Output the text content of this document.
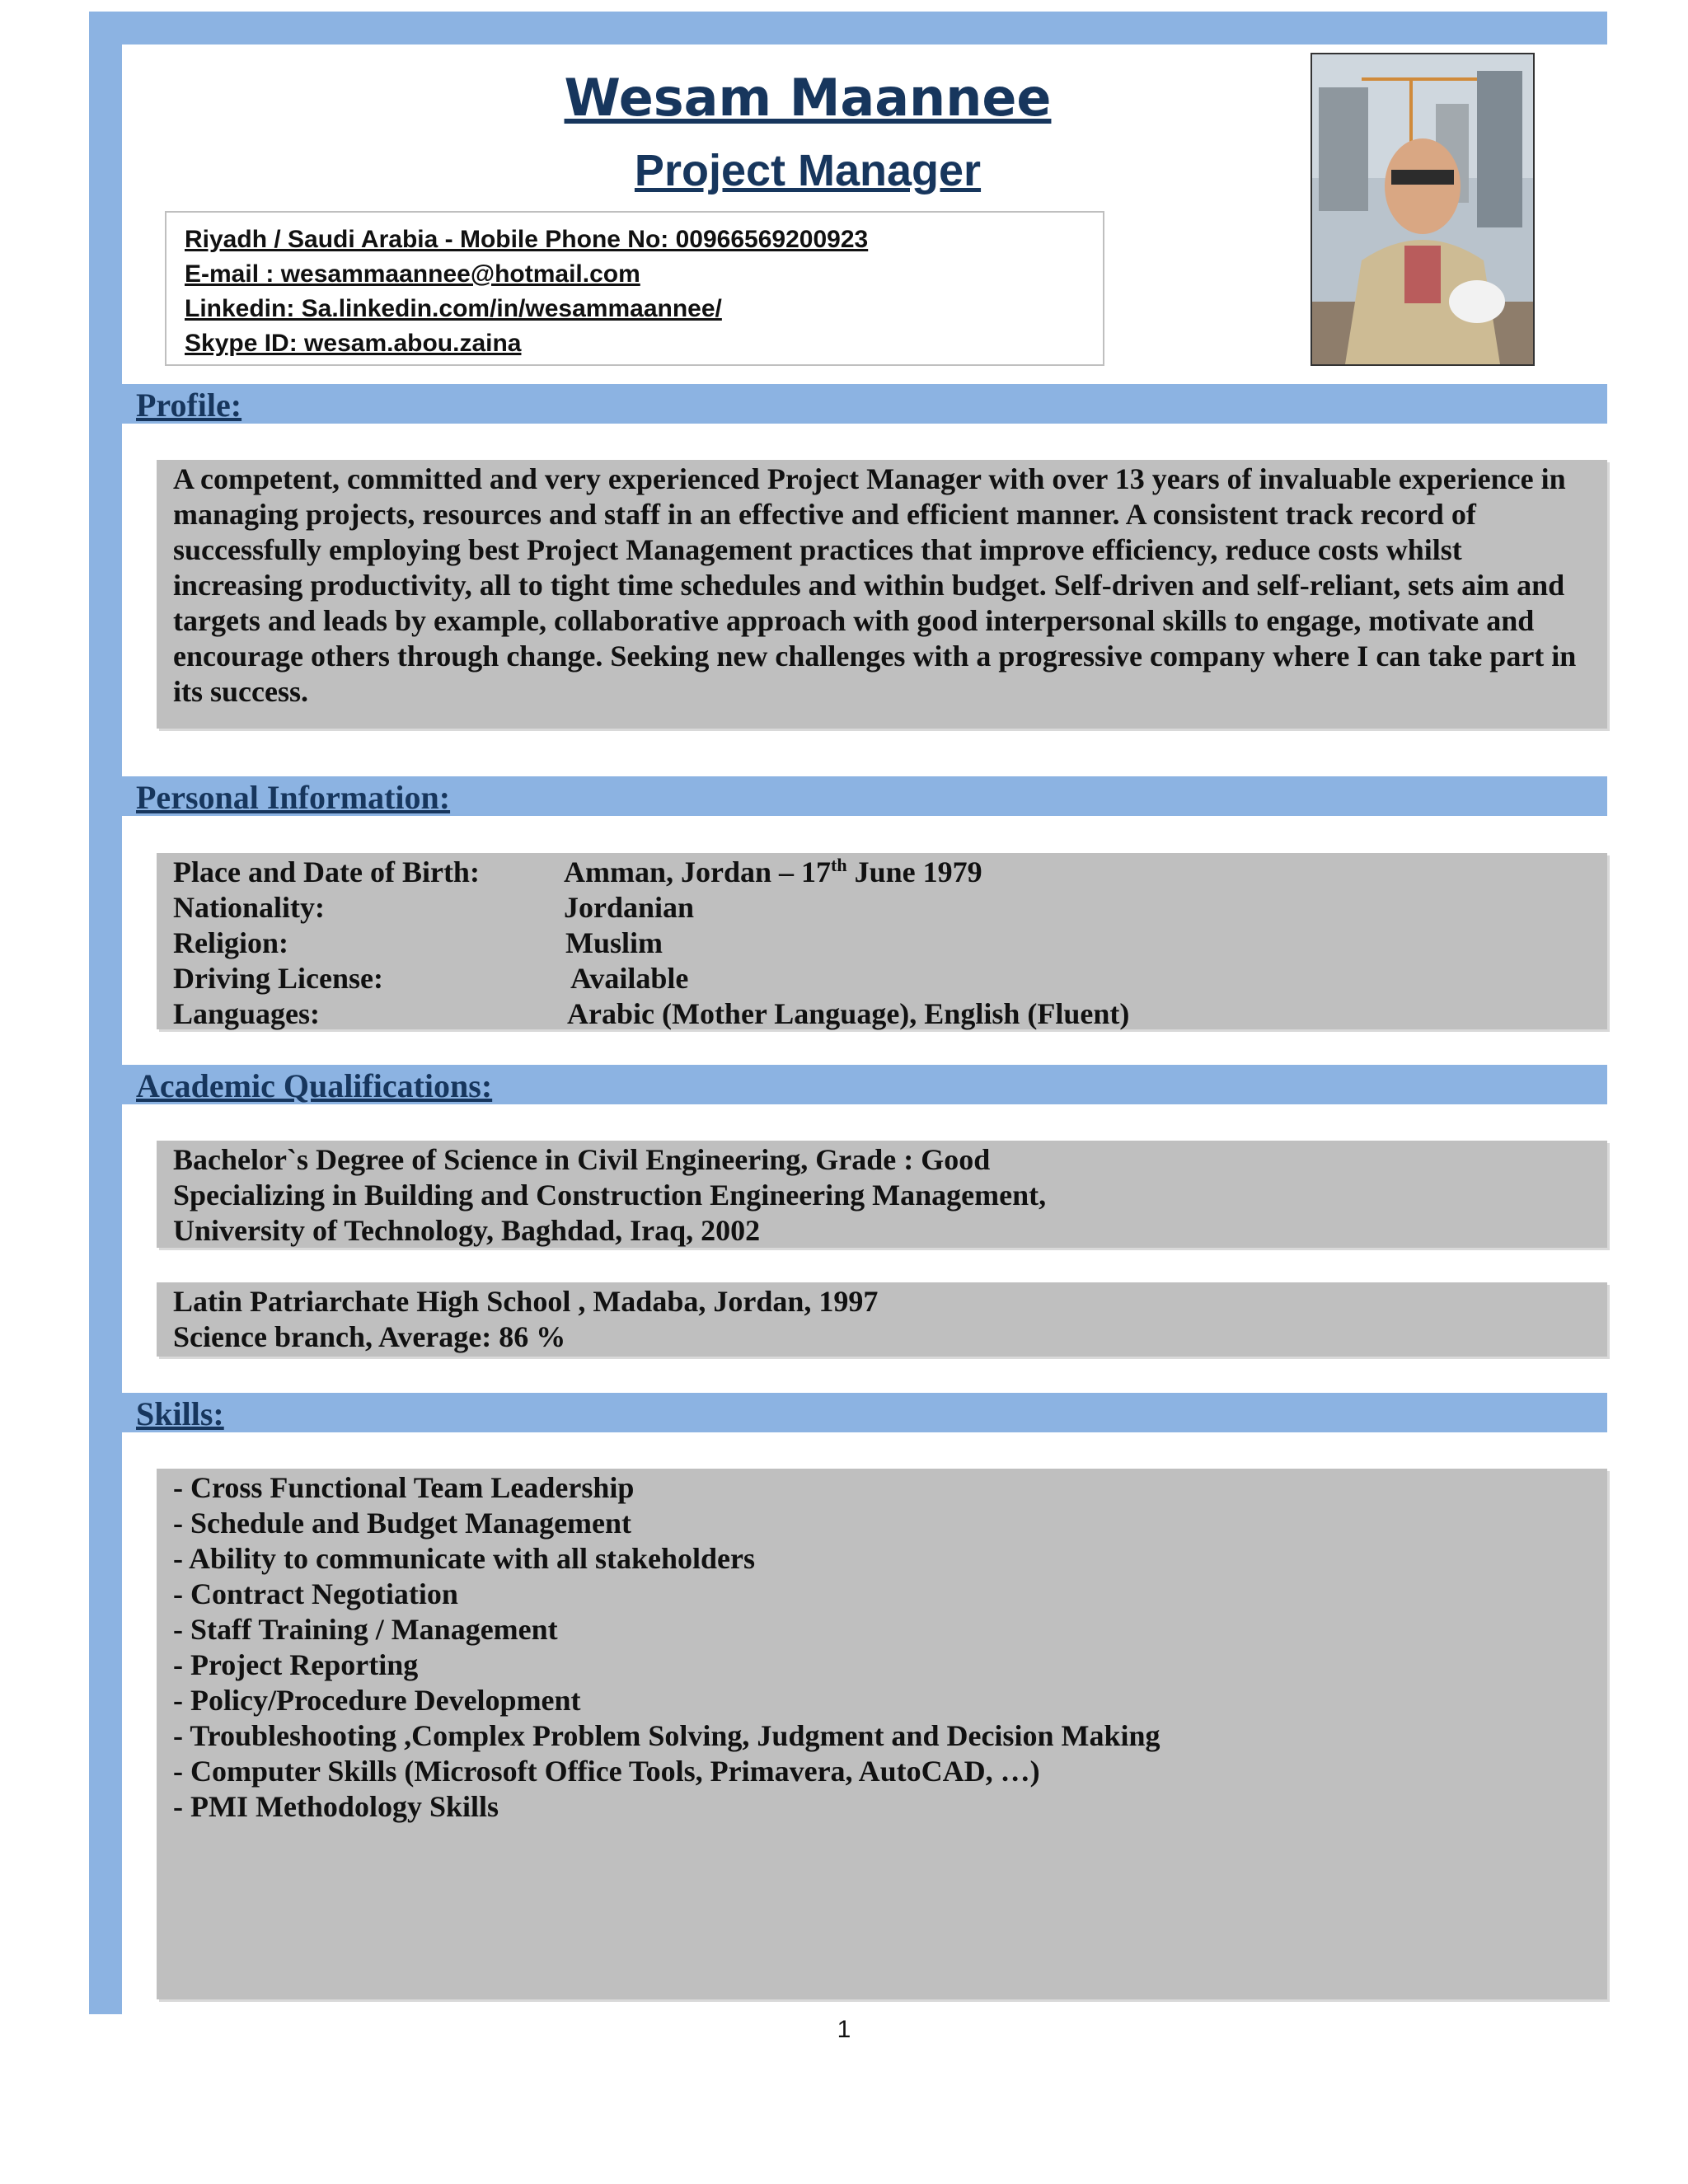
Wesam Maannee
Project Manager
Riyadh / Saudi Arabia - Mobile Phone No: 00966569200923
E-mail : wesammaannee@hotmail.com
Linkedin: Sa.linkedin.com/in/wesammaannee/
Skype ID: wesam.abou.zaina
Profile:
A competent, committed and very experienced Project Manager with over 13 years of invaluable experience in managing projects, resources and staff in an effective and efficient manner. A consistent track record of successfully employing best Project Management practices that improve efficiency, reduce costs whilst increasing productivity, all to tight time schedules and within budget. Self-driven and self-reliant, sets aim and targets and leads by example, collaborative approach with good interpersonal skills to engage, motivate and encourage others through change. Seeking new challenges with a progressive company where I can take part in its success.
Personal Information:
Place and Date of Birth:	Amman, Jordan – 17th June 1979
Nationality:	Jordanian
Religion:	Muslim
Driving License:	Available
Languages:	Arabic (Mother Language), English (Fluent)
Academic Qualifications:
Bachelor`s Degree of Science in Civil Engineering, Grade : Good
Specializing in Building and Construction Engineering Management,
University of Technology, Baghdad, Iraq, 2002
Latin Patriarchate High School , Madaba, Jordan, 1997
Science branch, Average: 86 %
Skills:
- Cross Functional Team Leadership
- Schedule and Budget Management
- Ability to communicate with all stakeholders
- Contract Negotiation
- Staff Training / Management
- Project Reporting
- Policy/Procedure Development
- Troubleshooting ,Complex Problem Solving, Judgment and Decision Making
- Computer Skills (Microsoft Office Tools, Primavera, AutoCAD, …)
- PMI Methodology Skills
1
